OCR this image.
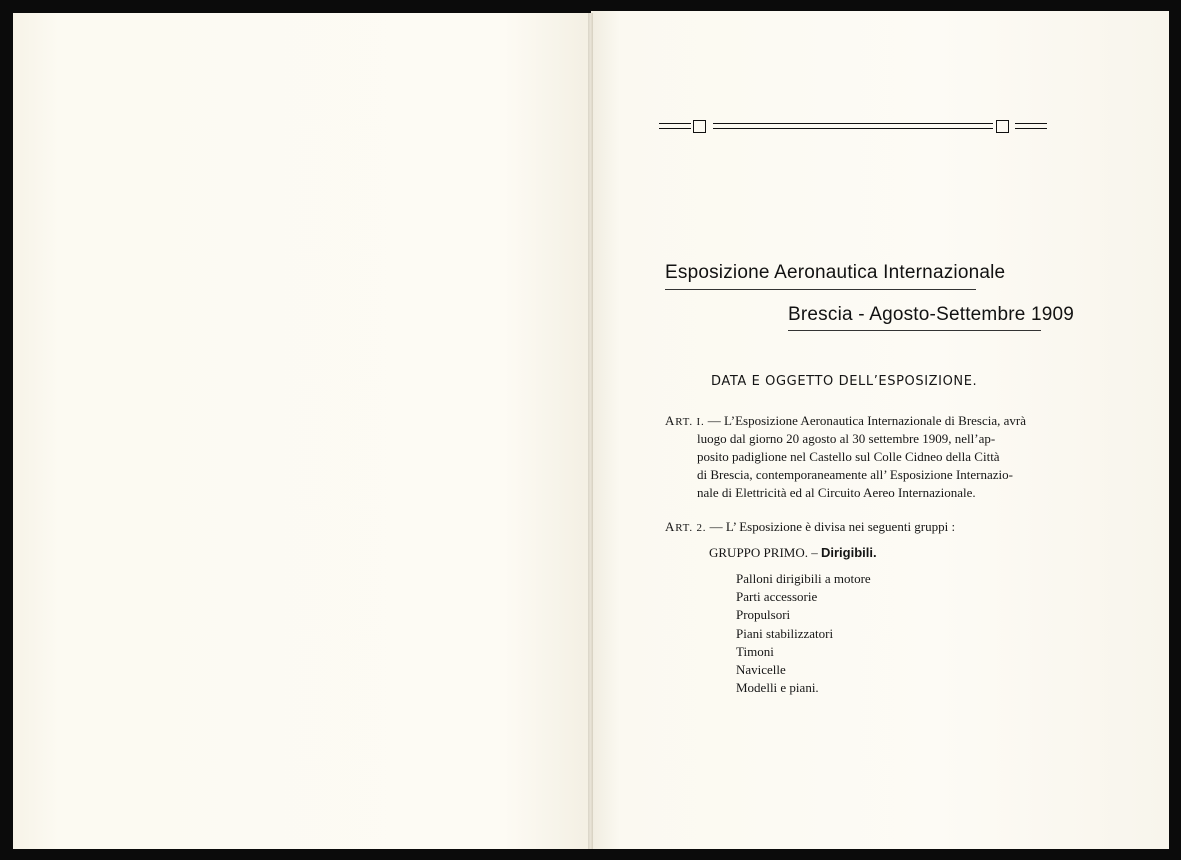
Esposizione Aeronautica Internazionale
Brescia - Agosto-Settembre 1909
DATA E OGGETTO DELL’ESPOSIZIONE.
ART. I. — L’Esposizione Aeronautica Internazionale di Brescia, avrà
luogo dal giorno 20 agosto al 30 settembre 1909, nell’ap-
posito padiglione nel Castello sul Colle Cidneo della Città
di Brescia, contemporaneamente all’ Esposizione Internazio-
nale di Elettricità ed al Circuito Aereo Internazionale.
ART. 2. — L’ Esposizione è divisa nei seguenti gruppi :
GRUPPO PRIMO. – Dirigibili.
Palloni dirigibili a motore
Parti accessorie
Propulsori
Piani stabilizzatori
Timoni
Navicelle
Modelli e piani.
